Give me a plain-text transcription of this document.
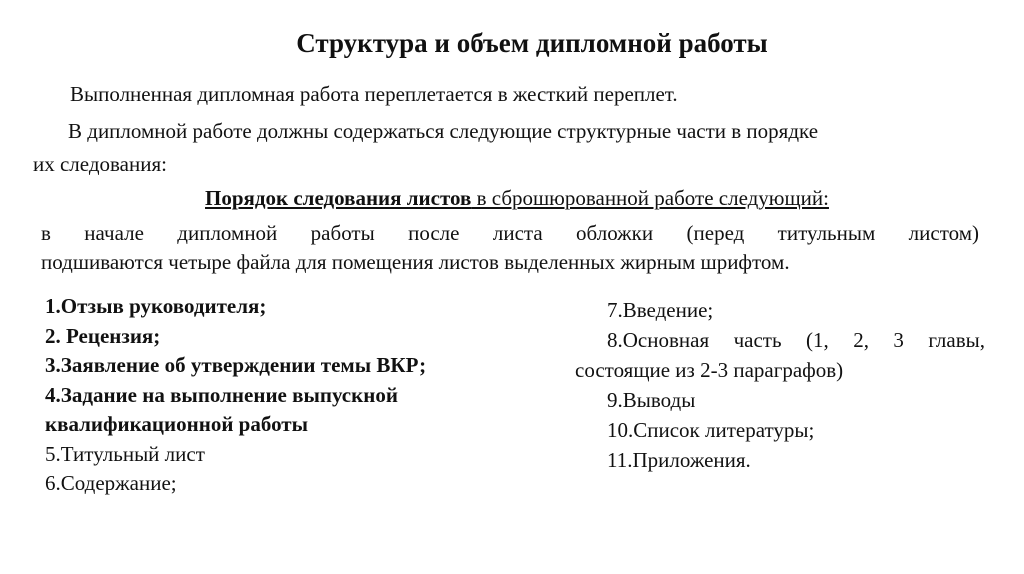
Структура и объем дипломной работы
Выполненная дипломная работа переплетается в жесткий переплет.
В дипломной работе должны содержаться следующие структурные части в порядке
их следования:
Порядок следования листов в сброшюрованной работе следующий:
в начале дипломной работы после листа обложки (перед титульным листом)
подшиваются четыре файла для помещения листов выделенных жирным шрифтом.
1.Отзыв руководителя;
2. Рецензия;
3.Заявление об утверждении темы ВКР;
4.Задание на выполнение выпускной
квалификационной работы
5.Титульный лист
6.Содержание;
7.Введение;
8.Основная часть (1, 2, 3 главы,
состоящие из 2-3 параграфов)
9.Выводы
10.Список литературы;
11.Приложения.
